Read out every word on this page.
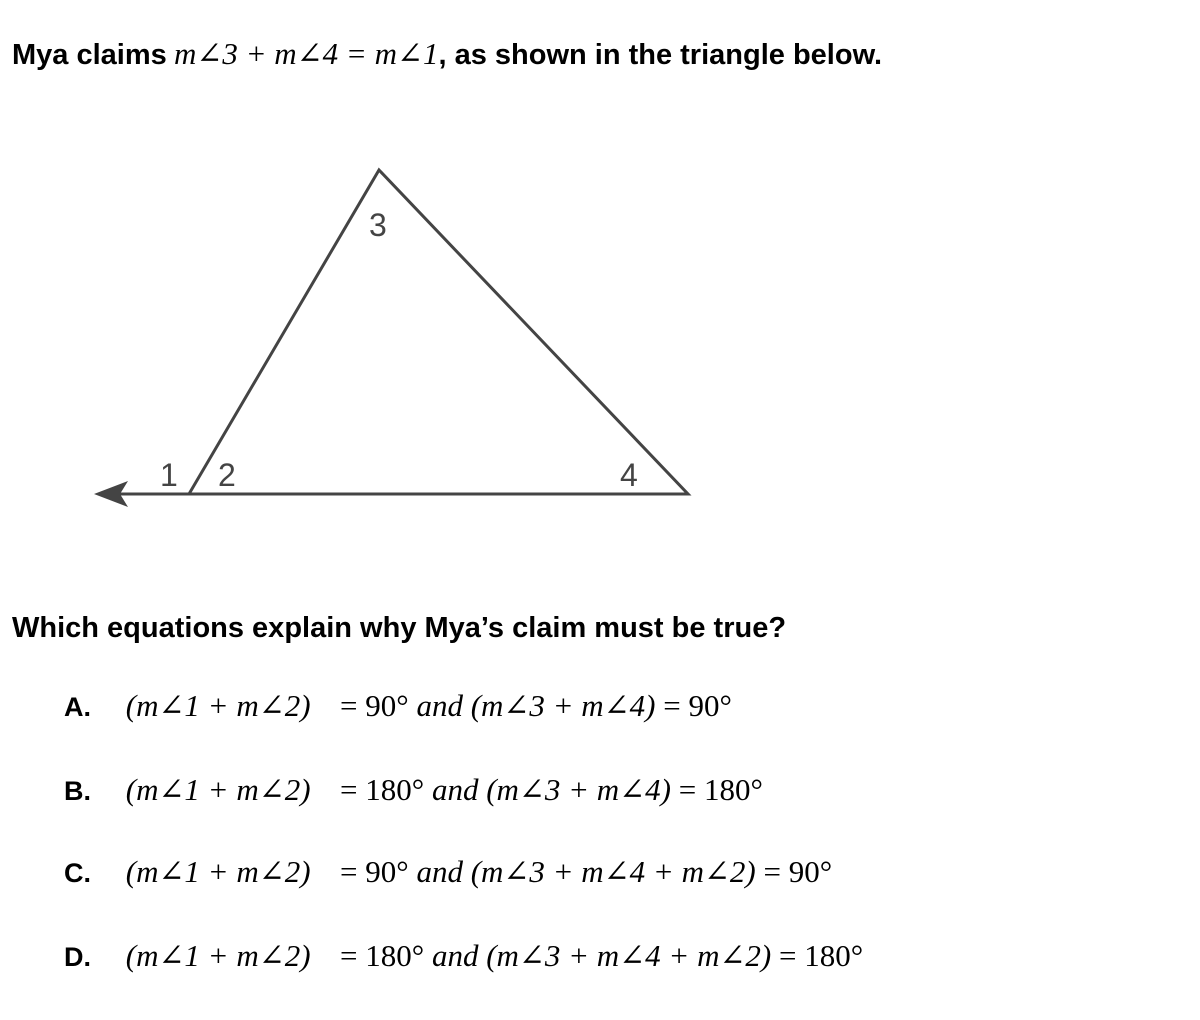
Mya claims m∠3 + m∠4 = m∠1, as shown in the triangle below.
1 2
3
4
Which equations explain why Mya’s claim must be true?
A. (m∠1 + m∠2) = 90° and (m∠3 + m∠4) = 90°
B. (m∠1 + m∠2) = 180° and (m∠3 + m∠4) = 180°
C. (m∠1 + m∠2) = 90° and (m∠3 + m∠4 + m∠2) = 90°
D. (m∠1 + m∠2) = 180° and (m∠3 + m∠4 + m∠2) = 180°
